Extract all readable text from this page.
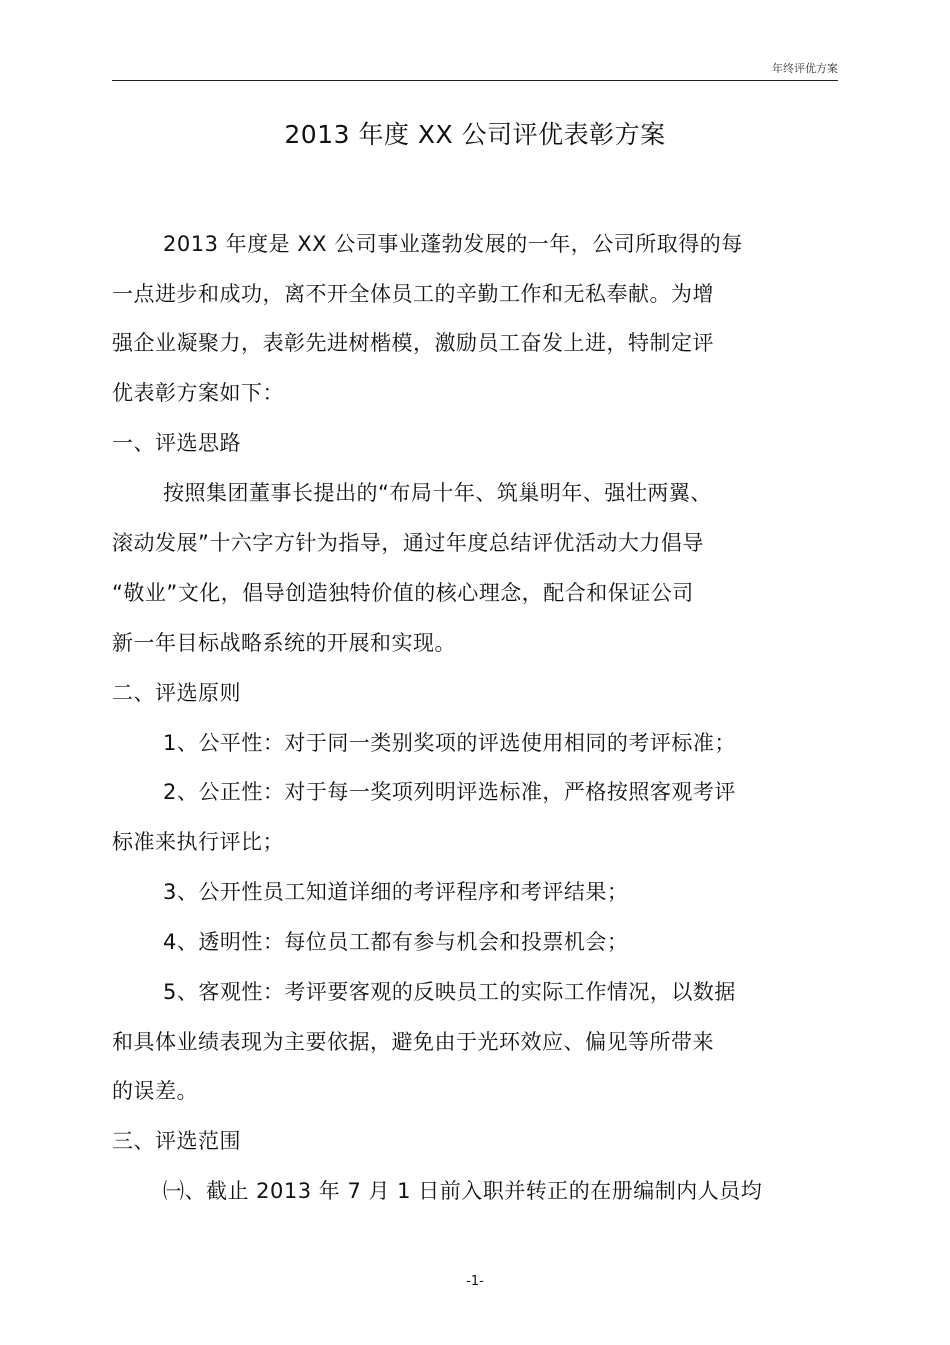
年终评优方案
2013 年度 XX 公司评优表彰方案
2013 年度是 XX 公司事业蓬勃发展的一年，公司所取得的每
一点进步和成功，离不开全体员工的辛勤工作和无私奉献。为增
强企业凝聚力，表彰先进树楷模，激励员工奋发上进，特制定评
优表彰方案如下：
一、评选思路
按照集团董事长提出的“布局十年、筑巢明年、强壮两翼、
滚动发展”十六字方针为指导，通过年度总结评优活动大力倡导
“敬业”文化，倡导创造独特价值的核心理念，配合和保证公司
新一年目标战略系统的开展和实现。
二、评选原则
1、公平性：对于同一类别奖项的评选使用相同的考评标准；
2、公正性：对于每一奖项列明评选标准，严格按照客观考评
标准来执行评比；
3、公开性员工知道详细的考评程序和考评结果；
4、透明性：每位员工都有参与机会和投票机会；
5、客观性：考评要客观的反映员工的实际工作情况，以数据
和具体业绩表现为主要依据，避免由于光环效应、偏见等所带来
的误差。
三、评选范围
㈠、截止 2013 年 7 月 1 日前入职并转正的在册编制内人员均
-1-
